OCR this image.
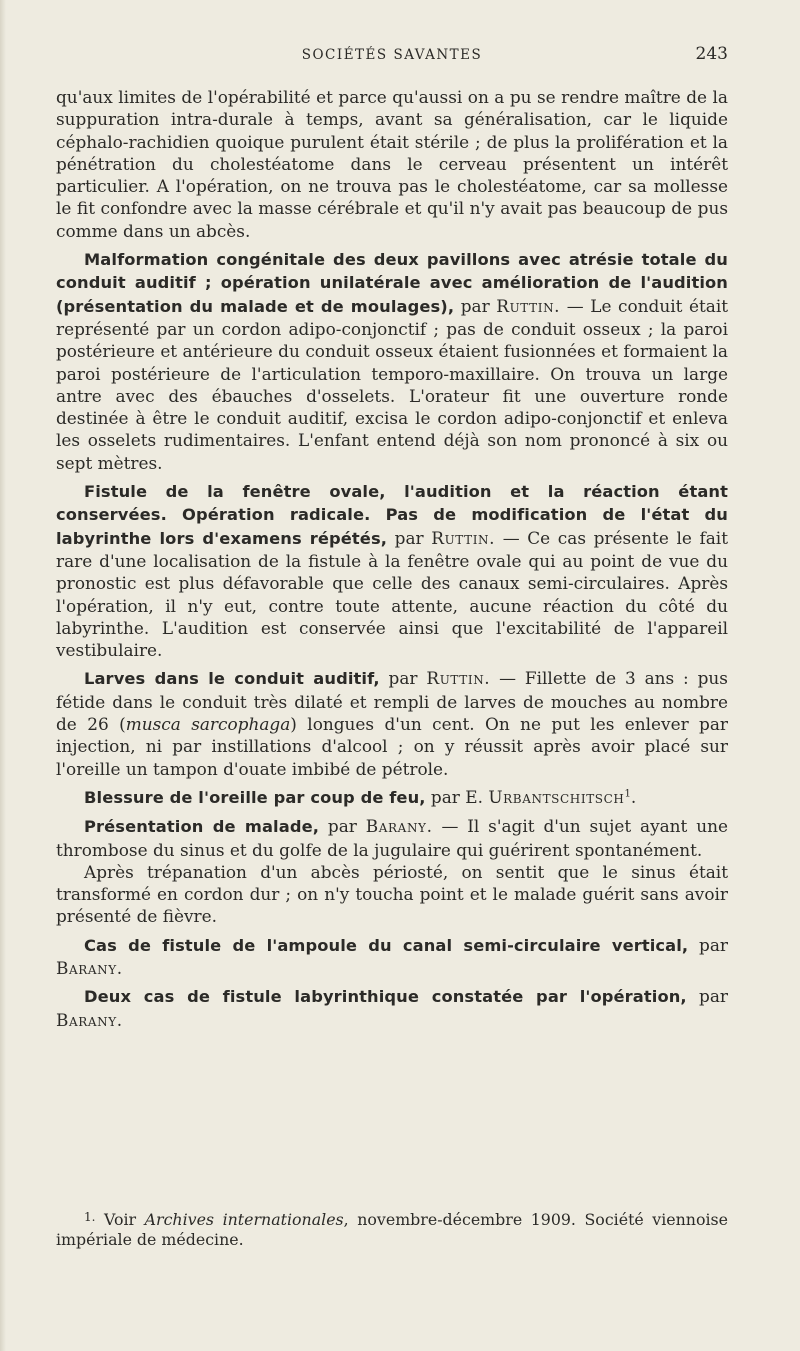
SOCIÉTÉS SAVANTES	243

qu'aux limites de l'opérabilité et parce qu'aussi on a pu se rendre maître de la suppuration intra-durale à temps, avant sa généralisation, car le liquide céphalo-rachidien quoique purulent était stérile ; de plus la prolifération et la pénétration du cholestéatome dans le cerveau présentent un intérêt particulier. A l'opération, on ne trouva pas le cholestéatome, car sa mollesse le fit confondre avec la masse cérébrale et qu'il n'y avait pas beaucoup de pus comme dans un abcès.

Malformation congénitale des deux pavillons avec atrésie totale du conduit auditif ; opération unilatérale avec amélioration de l'audition (présentation du malade et de moulages), par Ruttin. — Le conduit était représenté par un cordon adipo-conjonctif ; pas de conduit osseux ; la paroi postérieure et antérieure du conduit osseux étaient fusionnées et formaient la paroi postérieure de l'articulation temporo-maxillaire. On trouva un large antre avec des ébauches d'osselets. L'orateur fit une ouverture ronde destinée à être le conduit auditif, excisa le cordon adipo-conjonctif et enleva les osselets rudimentaires. L'enfant entend déjà son nom prononcé à six ou sept mètres.

Fistule de la fenêtre ovale, l'audition et la réaction étant conservées. Opération radicale. Pas de modification de l'état du labyrinthe lors d'examens répétés, par Ruttin. — Ce cas présente le fait rare d'une localisation de la fistule à la fenêtre ovale qui au point de vue du pronostic est plus défavorable que celle des canaux semi-circulaires. Après l'opération, il n'y eut, contre toute attente, aucune réaction du côté du labyrinthe. L'audition est conservée ainsi que l'excitabilité de l'appareil vestibulaire.

Larves dans le conduit auditif, par Ruttin. — Fillette de 3 ans : pus fétide dans le conduit très dilaté et rempli de larves de mouches au nombre de 26 (musca sarcophaga) longues d'un cent. On ne put les enlever par injection, ni par instillations d'alcool ; on y réussit après avoir placé sur l'oreille un tampon d'ouate imbibé de pétrole.

Blessure de l'oreille par coup de feu, par E. Urbantschitsch$^1$.

Présentation de malade, par Barany. — Il s'agit d'un sujet ayant une thrombose du sinus et du golfe de la jugulaire qui guérirent spontanément.

Après trépanation d'un abcès périosté, on sentit que le sinus était transformé en cordon dur ; on n'y toucha point et le malade guérit sans avoir présenté de fièvre.

Cas de fistule de l'ampoule du canal semi-circulaire vertical, par Barany.

Deux cas de fistule labyrinthique constatée par l'opération, par Barany.

$^{1.}$ Voir Archives internationales, novembre-décembre 1909. Société viennoise impériale de médecine.
